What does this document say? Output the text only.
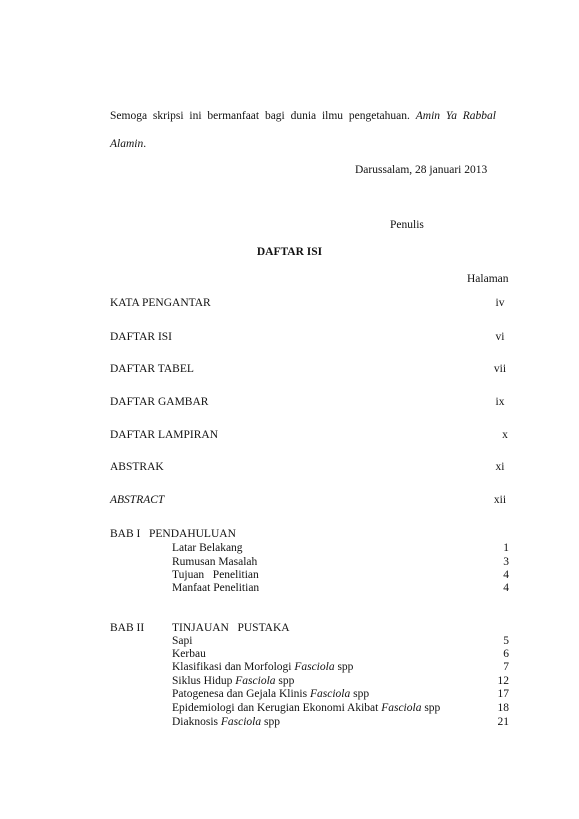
Semoga skripsi ini bermanfaat bagi dunia ilmu pengetahuan. Amin Ya Rabbal
Alamin.
Darussalam, 28 januari 2013
Penulis
DAFTAR ISI
Halaman
KATA PENGANTAR	iv
DAFTAR ISI	vi
DAFTAR TABEL	vii
DAFTAR GAMBAR	ix
DAFTAR LAMPIRAN	x
ABSTRAK	xi
ABSTRACT	xii
BAB I PENDAHULUAN
Latar Belakang	1
Rumusan Masalah	3
Tujuan   Penelitian	4
Manfaat Penelitian	4
BAB II TINJAUAN   PUSTAKA
Sapi	5
Kerbau	6
Klasifikasi dan Morfologi Fasciola spp	7
Siklus Hidup Fasciola spp	12
Patogenesa dan Gejala Klinis Fasciola spp	17
Epidemiologi dan Kerugian Ekonomi Akibat Fasciola spp	18
Diaknosis Fasciola spp	21
